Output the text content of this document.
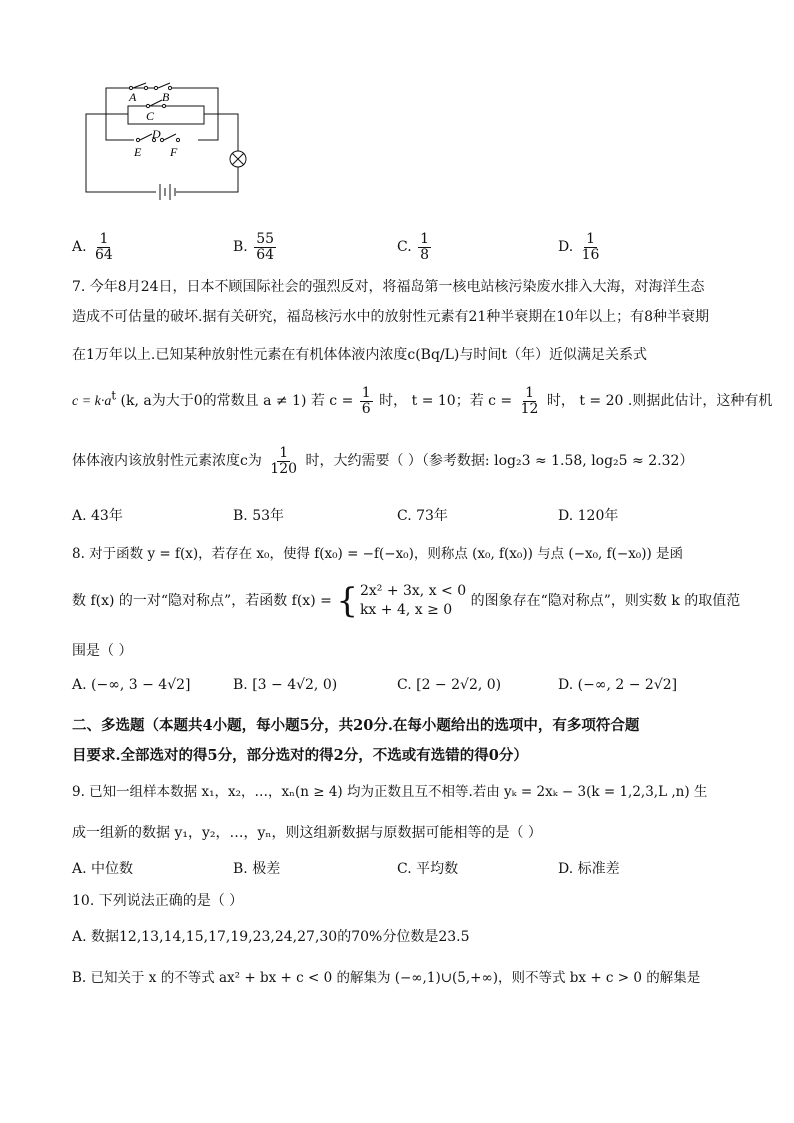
A B
C
D
E F
A. $\frac{1}{64}$	B. $\frac{55}{64}$	C. $\frac{1}{8}$	D. $\frac{1}{16}$
7. 今年8月24日，日本不顾国际社会的强烈反对，将福岛第一核电站核污染废水排入大海，对海洋生态
造成不可估量的破坏.据有关研究，福岛核污水中的放射性元素有21种半衰期在10年以上；有8种半衰期
在1万年以上.已知某种放射性元素在有机体体液内浓度c(Bq/L)与时间t（年）近似满足关系式
$c = k\cdot a^t$ (k, a为大于0的常数且 a ≠ 1) 若 $c = \frac{1}{6}$ 时， t = 10；若 $c = \frac{1}{12}$ 时， t = 20 .则据此估计，这种有机
体体液内该放射性元素浓度c为 $\frac{1}{120}$ 时，大约需要（ ）（参考数据: log₂3 ≈ 1.58, log₂5 ≈ 2.32）
A. 43年	B. 53年	C. 73年	D. 120年
8. 对于函数 y = f(x)，若存在 x₀，使得 f(x₀) = −f(−x₀)，则称点 (x₀, f(x₀)) 与点 (−x₀, f(−x₀)) 是函
数 f(x) 的一对“隐对称点”，若函数 f(x) = { 2x² + 3x, x < 0
kx + 4, x ≥ 0
的图象存在“隐对称点”，则实数 k 的取值范
围是（ ）
A. (−∞, 3 − 4√2]	B. [3 − 4√2, 0)	C. [2 − 2√2, 0)	D. (−∞, 2 − 2√2]
二、多选题（本题共4小题，每小题5分，共20分.在每小题给出的选项中，有多项符合题
目要求.全部选对的得5分，部分选对的得2分，不选或有选错的得0分）
9. 已知一组样本数据 x₁，x₂，…，xₙ(n ≥ 4) 均为正数且互不相等.若由 yₖ = 2xₖ − 3(k = 1,2,3,L ,n) 生
成一组新的数据 y₁，y₂，…，yₙ，则这组新数据与原数据可能相等的是（ ）
A. 中位数	B. 极差	C. 平均数	D. 标准差
10. 下列说法正确的是（ ）
A. 数据12,13,14,15,17,19,23,24,27,30的70%分位数是23.5
B. 已知关于 x 的不等式 ax² + bx + c < 0 的解集为 (−∞,1)∪(5,+∞)，则不等式 bx + c > 0 的解集是
